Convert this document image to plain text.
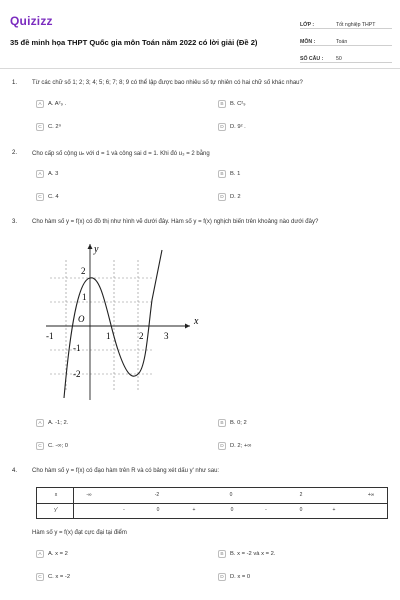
Quizizz
35 đề minh họa THPT Quốc gia môn Toán năm 2022 có lời giải (Đề 2)
LỚP :	Tốt nghiệp THPT
MÔN :	Toán
SỐ CÂU :	50
1. Từ các chữ số 1; 2; 3; 4; 5; 6; 7; 8; 9 có thể lập được bao nhiêu số tự nhiên có hai chữ số khác nhau?
A	A. A²₉ .	B	B. C²₉
C	C. 2⁹	D	D. 9² .
2. Cho cấp số cộng uₙ với d = 1 và công sai d = 1. Khi đó u₃ = 2 bằng
A	A. 3	B	B. 1
C	C. 4	D	D. 2
3. Cho hàm số y = f(x) có đồ thị như hình vẽ dưới đây. Hàm số y = f(x) nghịch biến trên khoảng nào dưới đây?
x
y
O
-1	1	2 3
2
1
-1
-2
A	A. -1; 2.	B	B. 0; 2
C	C. -∞; 0	D	D. 2; +∞
4. Cho hàm số y = f(x) có đạo hàm trên R và có bảng xét dấu y' như sau:
x
y'
-∞	-2	0	2	+∞
-	0	+	0	-	0	+
Hàm số y = f(x) đạt cực đại tại điểm
A	A. x = 2	B	B. x = -2 và x = 2.
C	C. x = -2	D	D. x = 0
